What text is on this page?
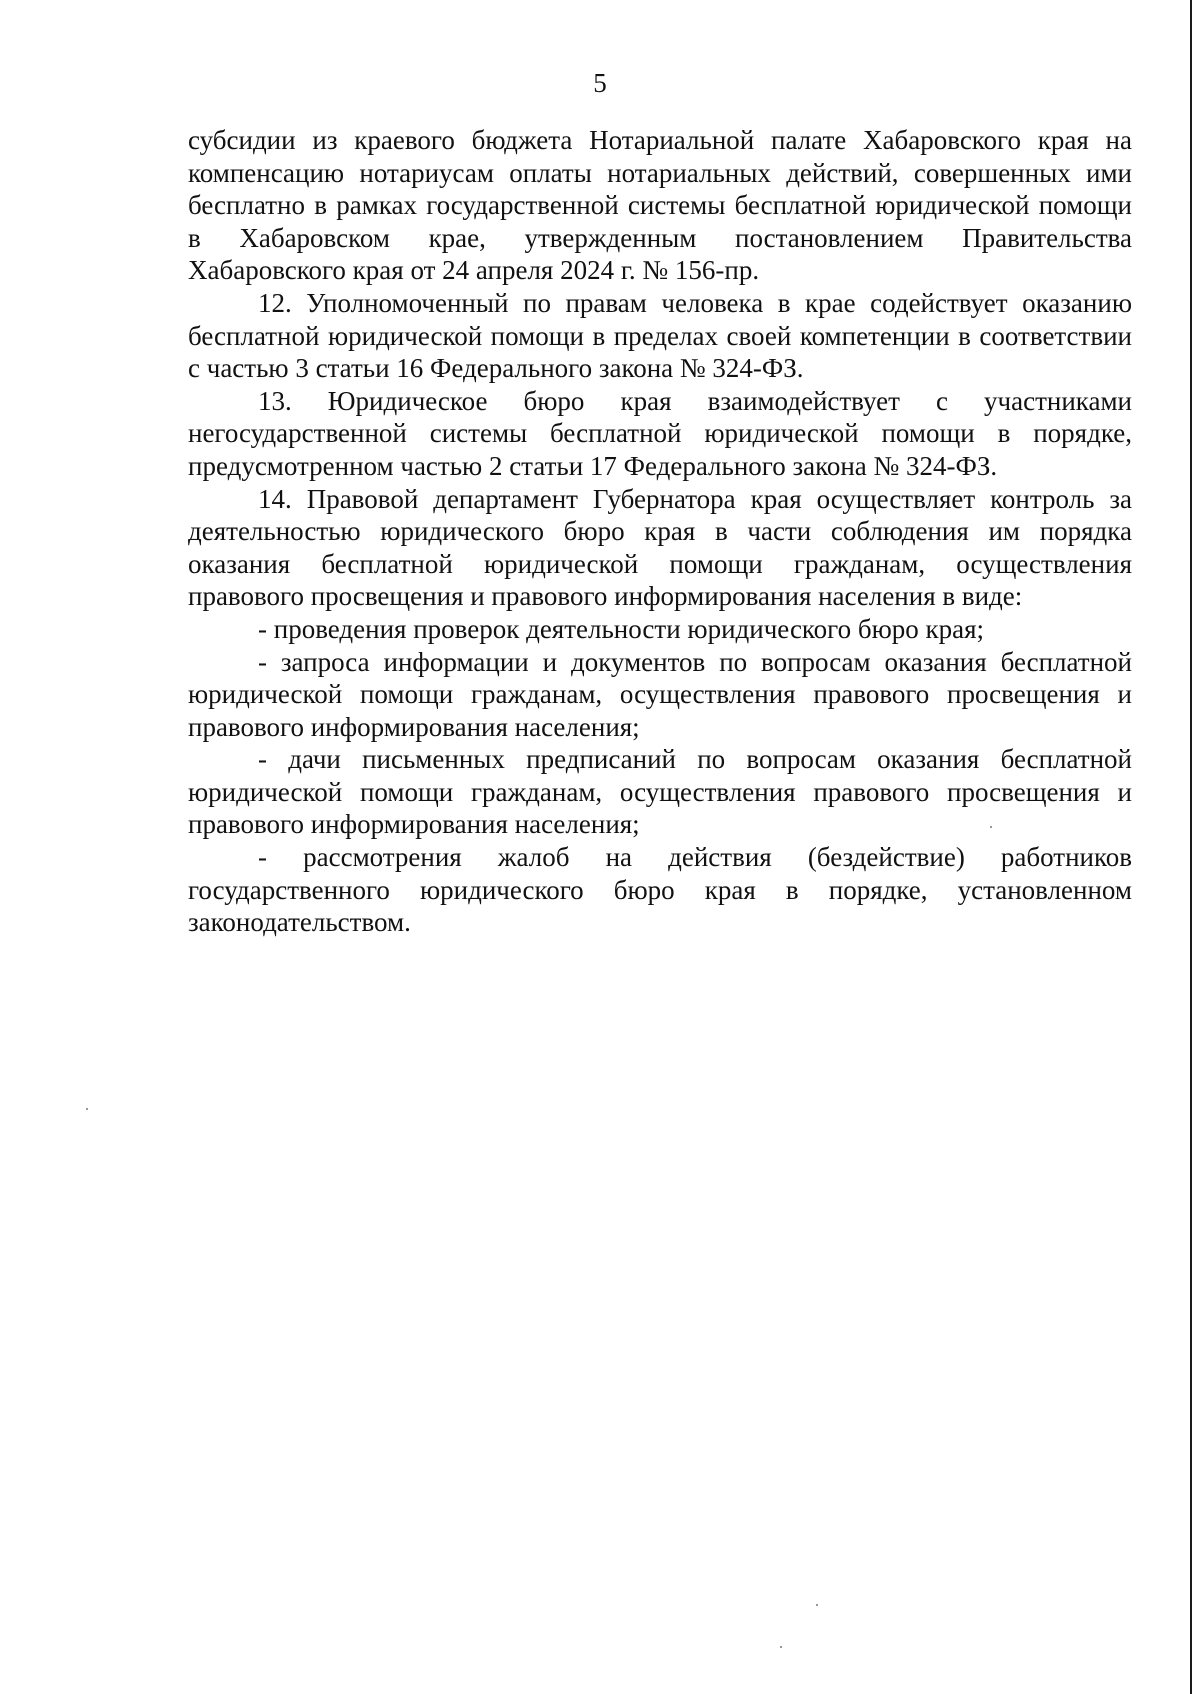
5

субсидии из краевого бюджета Нотариальной палате Хабаровского края на компенсацию нотариусам оплаты нотариальных действий, совершенных ими бесплатно в рамках государственной системы бесплатной юридической помощи в Хабаровском крае, утвержденным постановлением Правительства Хабаровского края от 24 апреля 2024 г. № 156-пр.

12. Уполномоченный по правам человека в крае содействует оказанию бесплатной юридической помощи в пределах своей компетенции в соответствии с частью 3 статьи 16 Федерального закона № 324-ФЗ.

13. Юридическое бюро края взаимодействует с участниками негосударственной системы бесплатной юридической помощи в порядке, предусмотренном частью 2 статьи 17 Федерального закона № 324-ФЗ.

14. Правовой департамент Губернатора края осуществляет контроль за деятельностью юридического бюро края в части соблюдения им порядка оказания бесплатной юридической помощи гражданам, осуществления правового просвещения и правового информирования населения в виде:

- проведения проверок деятельности юридического бюро края;

- запроса информации и документов по вопросам оказания бесплатной юридической помощи гражданам, осуществления правового просвещения и правового информирования населения;

- дачи письменных предписаний по вопросам оказания бесплатной юридической помощи гражданам, осуществления правового просвещения и правового информирования населения;

- рассмотрения жалоб на действия (бездействие) работников государственного юридического бюро края в порядке, установленном законодательством.
